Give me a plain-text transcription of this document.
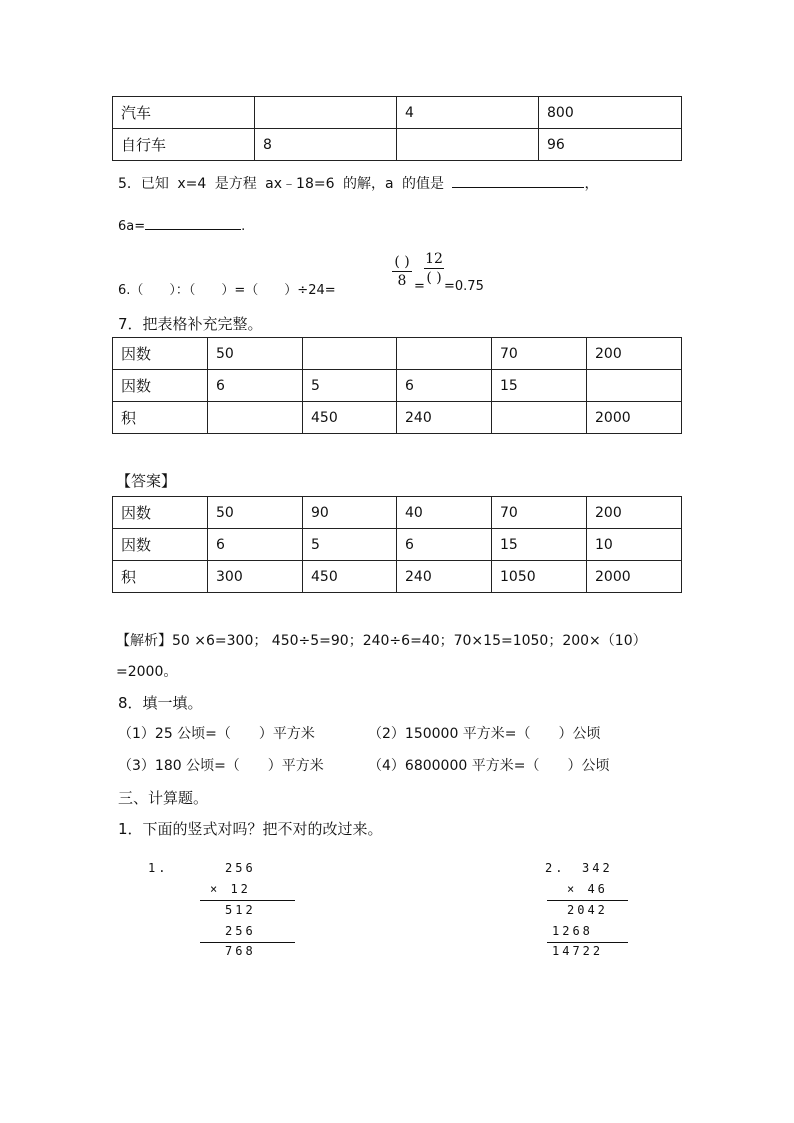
汽车		4	800
自行车	8		96
5．已知 x=4 是方程 ax﹣18=6 的解，a 的值是	，
6a=	.
6.（　　）：（　　）=（　　）÷24=
( )
8 =
12
( )
=0.75
7．把表格补充完整。
因数	50			70	200
因数	6	5	6	15	
积		450	240		2000
【答案】
因数	50	90	40	70	200
因数	6	5	6	15	10
积	300	450	240	1050	2000
【解析】50 ×6=300； 450÷5=90；240÷6=40；70×15=1050；200×（10）
=2000。
8．填一填。
（1）25 公顷=（　　）平方米	（2）150000 平方米=（　　）公顷
（3）180 公顷=（　　）平方米	（4）6800000 平方米=（　　）公顷
三、计算题。
1．下面的竖式对吗？把不对的改过来。
1.	256
× 12
512
256
768
2. 342
× 46
2042
1268
14722
